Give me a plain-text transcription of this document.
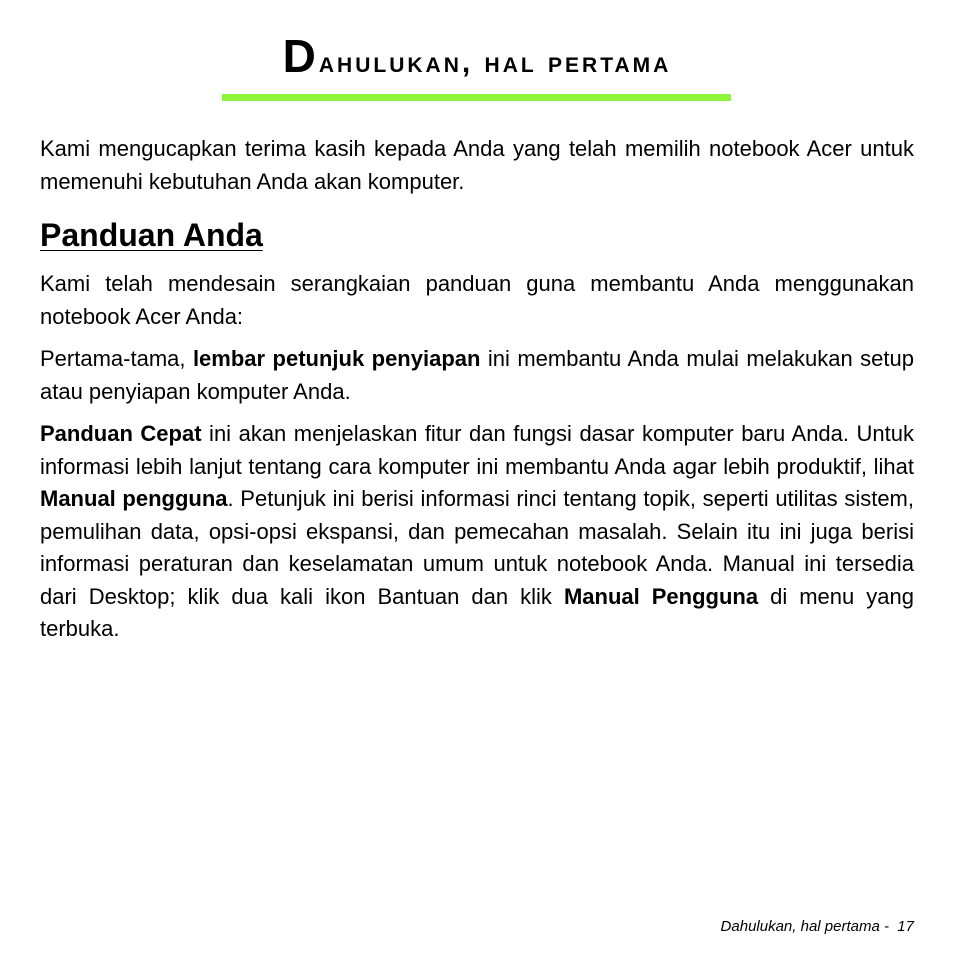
Dahulukan, hal pertama

Kami mengucapkan terima kasih kepada Anda yang telah memilih notebook Acer untuk memenuhi kebutuhan Anda akan komputer.

Panduan Anda

Kami telah mendesain serangkaian panduan guna membantu Anda menggunakan notebook Acer Anda:

Pertama-tama, lembar petunjuk penyiapan ini membantu Anda mulai melakukan setup atau penyiapan komputer Anda.

Panduan Cepat ini akan menjelaskan fitur dan fungsi dasar komputer baru Anda. Untuk informasi lebih lanjut tentang cara komputer ini membantu Anda agar lebih produktif, lihat Manual pengguna. Petunjuk ini berisi informasi rinci tentang topik, seperti utilitas sistem, pemulihan data, opsi-opsi ekspansi, dan pemecahan masalah. Selain itu ini juga berisi informasi peraturan dan keselamatan umum untuk notebook Anda. Manual ini tersedia dari Desktop; klik dua kali ikon Bantuan dan klik Manual Pengguna di menu yang terbuka.

Dahulukan, hal pertama -  17
